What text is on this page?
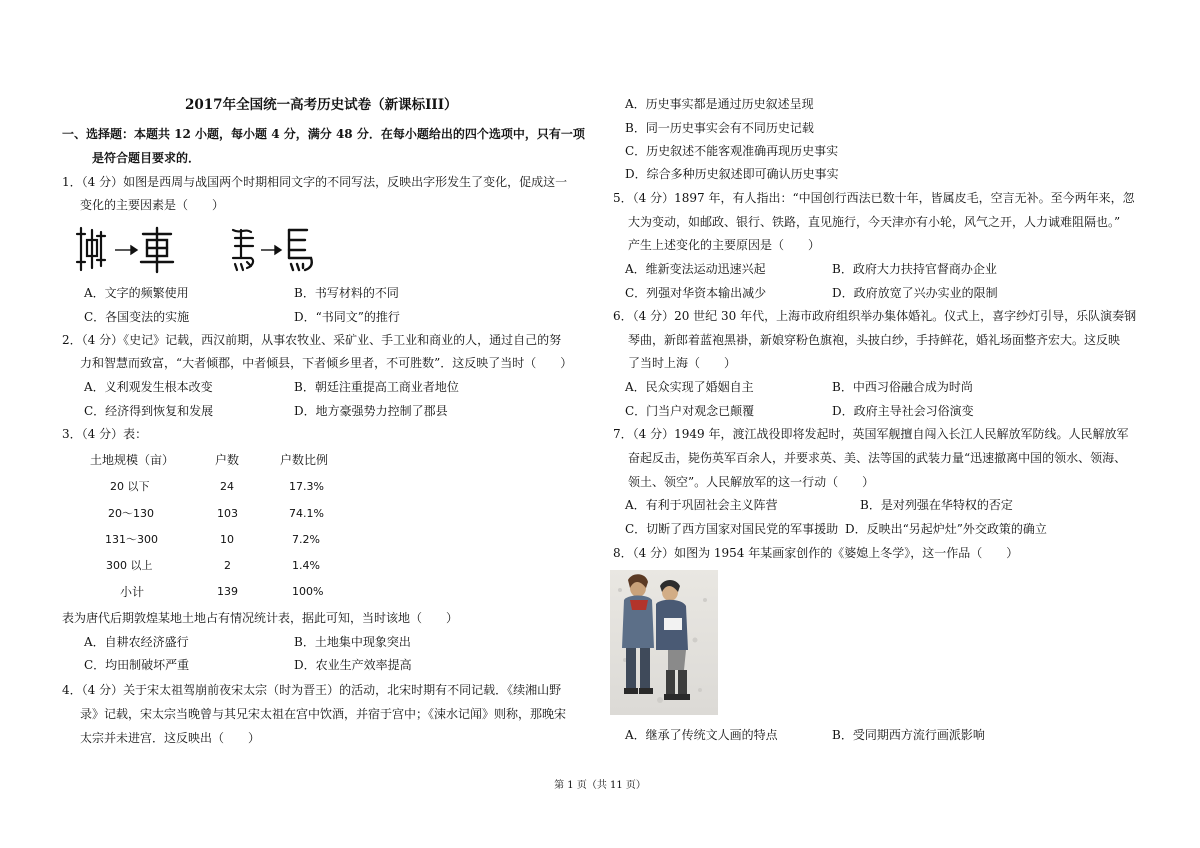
2017年全国统一高考历史试卷（新课标III）
一、选择题：本题共 12 小题，每小题 4 分，满分 48 分．在每小题给出的四个选项中，只有一项
是符合题目要求的．
1．（4 分）如图是西周与战国两个时期相同文字的不同写法，反映出字形发生了变化，促成这一
变化的主要因素是（　　）
A．文字的频繁使用	B．书写材料的不同
C．各国变法的实施	D．“书同文”的推行
2．（4 分）《史记》记载，西汉前期，从事农牧业、采矿业、手工业和商业的人，通过自己的努
力和智慧而致富，“大者倾郡，中者倾县，下者倾乡里者，不可胜数”．这反映了当时（　　）
A．义利观发生根本改变	B．朝廷注重提高工商业者地位
C．经济得到恢复和发展	D．地方豪强势力控制了郡县
3．（4 分）表：
土地规模（亩）	户数	户数比例
20 以下	24	17.3%
20～130	103	74.1%
131～300	10	7.2%
300 以上	2	1.4%
小计	139	100%
表为唐代后期敦煌某地土地占有情况统计表，据此可知，当时该地（　　）
A．自耕农经济盛行	B．土地集中现象突出
C．均田制破坏严重	D．农业生产效率提高
4．（4 分）关于宋太祖驾崩前夜宋太宗（时为晋王）的活动，北宋时期有不同记载．《续湘山野
录》记载，宋太宗当晚曾与其兄宋太祖在宫中饮酒，并宿于宫中；《涑水记闻》则称，那晚宋
太宗并未进宫．这反映出（　　）
A．历史事实都是通过历史叙述呈现
B．同一历史事实会有不同历史记载
C．历史叙述不能客观准确再现历史事实
D．综合多种历史叙述即可确认历史事实
5．（4 分）1897 年，有人指出：“中国创行西法已数十年，皆属皮毛，空言无补。至今两年来，忽
大为变动，如邮政、银行、铁路，直见施行，今天津亦有小轮，风气之开，人力诚难阻隔也。”
产生上述变化的主要原因是（　　）
A．维新变法运动迅速兴起	B．政府大力扶持官督商办企业
C．列强对华资本输出减少	D．政府放宽了兴办实业的限制
6．（4 分）20 世纪 30 年代，上海市政府组织举办集体婚礼。仪式上，喜字纱灯引导，乐队演奏钢
琴曲，新郎着蓝袍黑褂，新娘穿粉色旗袍，头披白纱，手持鲜花，婚礼场面整齐宏大。这反映
了当时上海（　　）
A．民众实现了婚姻自主	B．中西习俗融合成为时尚
C．门当户对观念已颠覆	D．政府主导社会习俗演变
7．（4 分）1949 年，渡江战役即将发起时，英国军舰擅自闯入长江人民解放军防线。人民解放军
奋起反击，毙伤英军百余人，并要求英、美、法等国的武装力量“迅速撤离中国的领水、领海、
领土、领空”。人民解放军的这一行动（　　）
A．有利于巩固社会主义阵营	B．是对列强在华特权的否定
C．切断了西方国家对国民党的军事援助 D．反映出“另起炉灶”外交政策的确立
8．（4 分）如图为 1954 年某画家创作的《婆媳上冬学》，这一作品（　　）
A．继承了传统文人画的特点	B．受同期西方流行画派影响
第 1 页（共 11 页）
